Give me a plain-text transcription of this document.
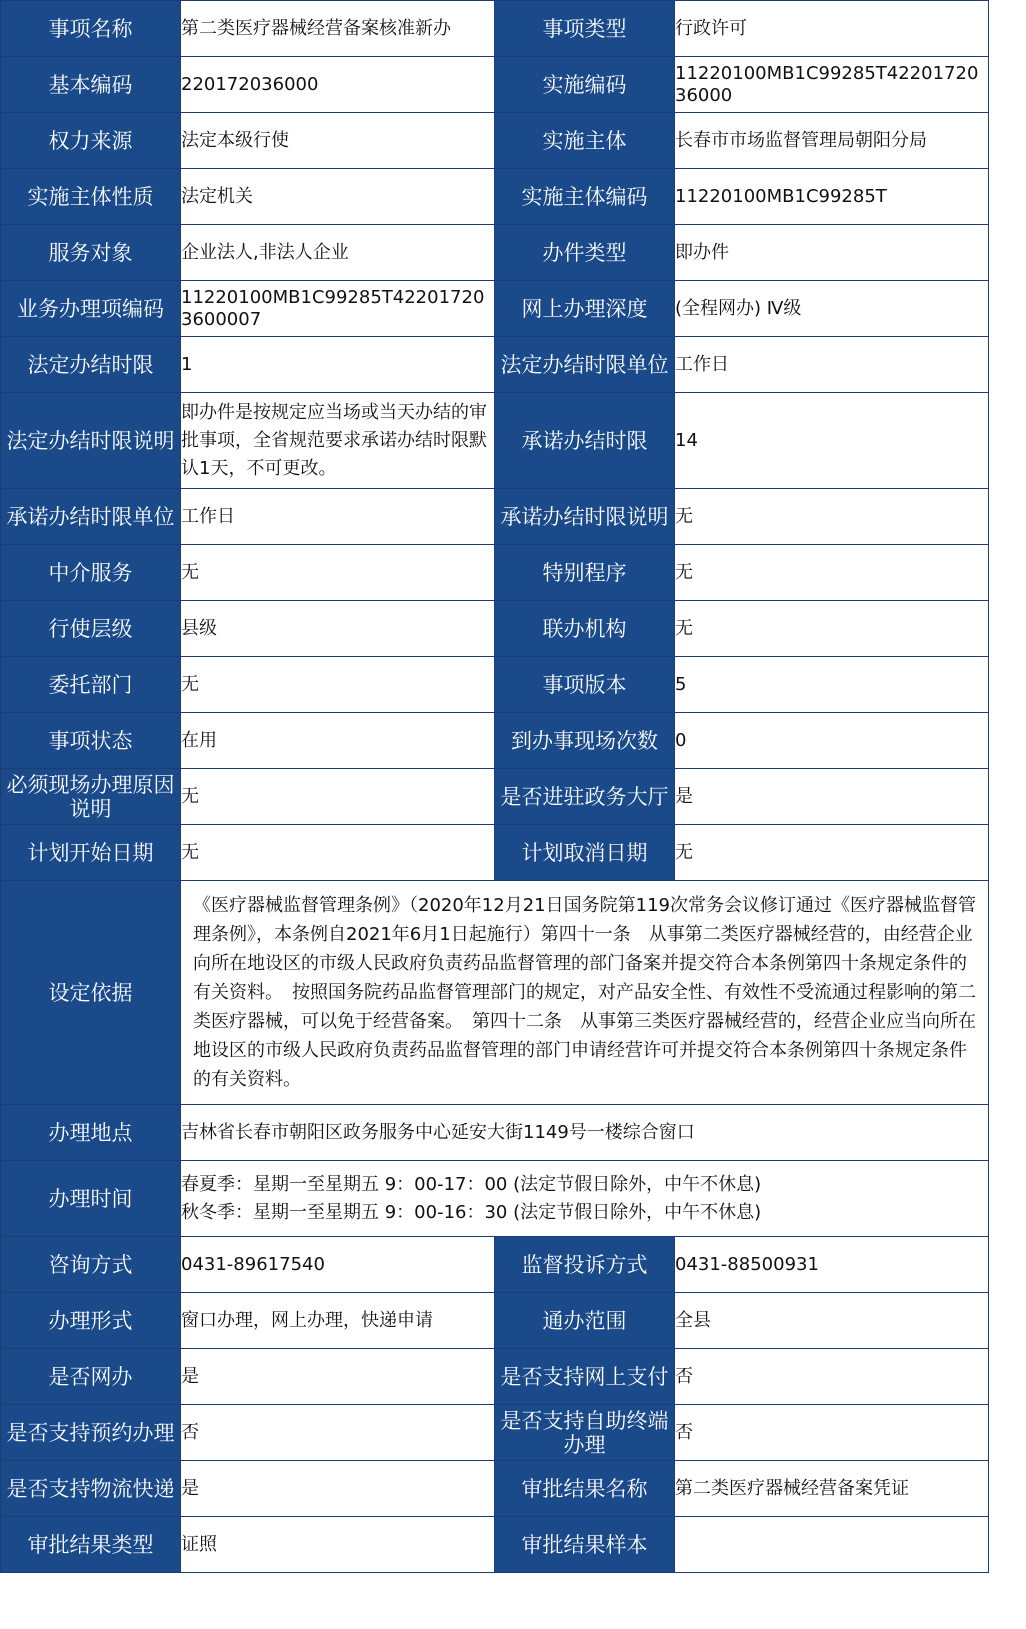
事项名称	第二类医疗器械经营备案核准新办	事项类型	行政许可
基本编码	220172036000	实施编码	11220100MB1C99285T4220172036000
权力来源	法定本级行使	实施主体	长春市市场监督管理局朝阳分局
实施主体性质	法定机关	实施主体编码	11220100MB1C99285T
服务对象	企业法人,非法人企业	办件类型	即办件
业务办理项编码	11220100MB1C99285T422017203600007	网上办理深度	(全程网办) Ⅳ级
法定办结时限	1	法定办结时限单位	工作日
法定办结时限说明	即办件是按规定应当场或当天办结的审批事项，全省规范要求承诺办结时限默认1天，不可更改。	承诺办结时限	14
承诺办结时限单位	工作日	承诺办结时限说明	无
中介服务	无	特别程序	无
行使层级	县级	联办机构	无
委托部门	无	事项版本	5
事项状态	在用	到办事现场次数	0
必须现场办理原因说明	无	是否进驻政务大厅	是
计划开始日期	无	计划取消日期	无
设定依据	《医疗器械监督管理条例》（2020年12月21日国务院第119次常务会议修订通过《医疗器械监督管理条例》，本条例自2021年6月1日起施行）第四十一条　从事第二类医疗器械经营的，由经营企业向所在地设区的市级人民政府负责药品监督管理的部门备案并提交符合本条例第四十条规定条件的有关资料。　按照国务院药品监督管理部门的规定，对产品安全性、有效性不受流通过程影响的第二类医疗器械，可以免于经营备案。　第四十二条　从事第三类医疗器械经营的，经营企业应当向所在地设区的市级人民政府负责药品监督管理的部门申请经营许可并提交符合本条例第四十条规定条件的有关资料。		
办理地点	吉林省长春市朝阳区政务服务中心延安大街1149号一楼综合窗口		
办理时间	春夏季：星期一至星期五 9：00-17：00 (法定节假日除外，中午不休息)
秋冬季：星期一至星期五 9：00-16：30 (法定节假日除外，中午不休息)		

咨询方式	0431-89617540	监督投诉方式	0431-88500931
办理形式	窗口办理，网上办理，快递申请	通办范围	全县
是否网办	是	是否支持网上支付	否
是否支持预约办理	否	是否支持自助终端办理	否
是否支持物流快递	是	审批结果名称	第二类医疗器械经营备案凭证
审批结果类型	证照	审批结果样本	
